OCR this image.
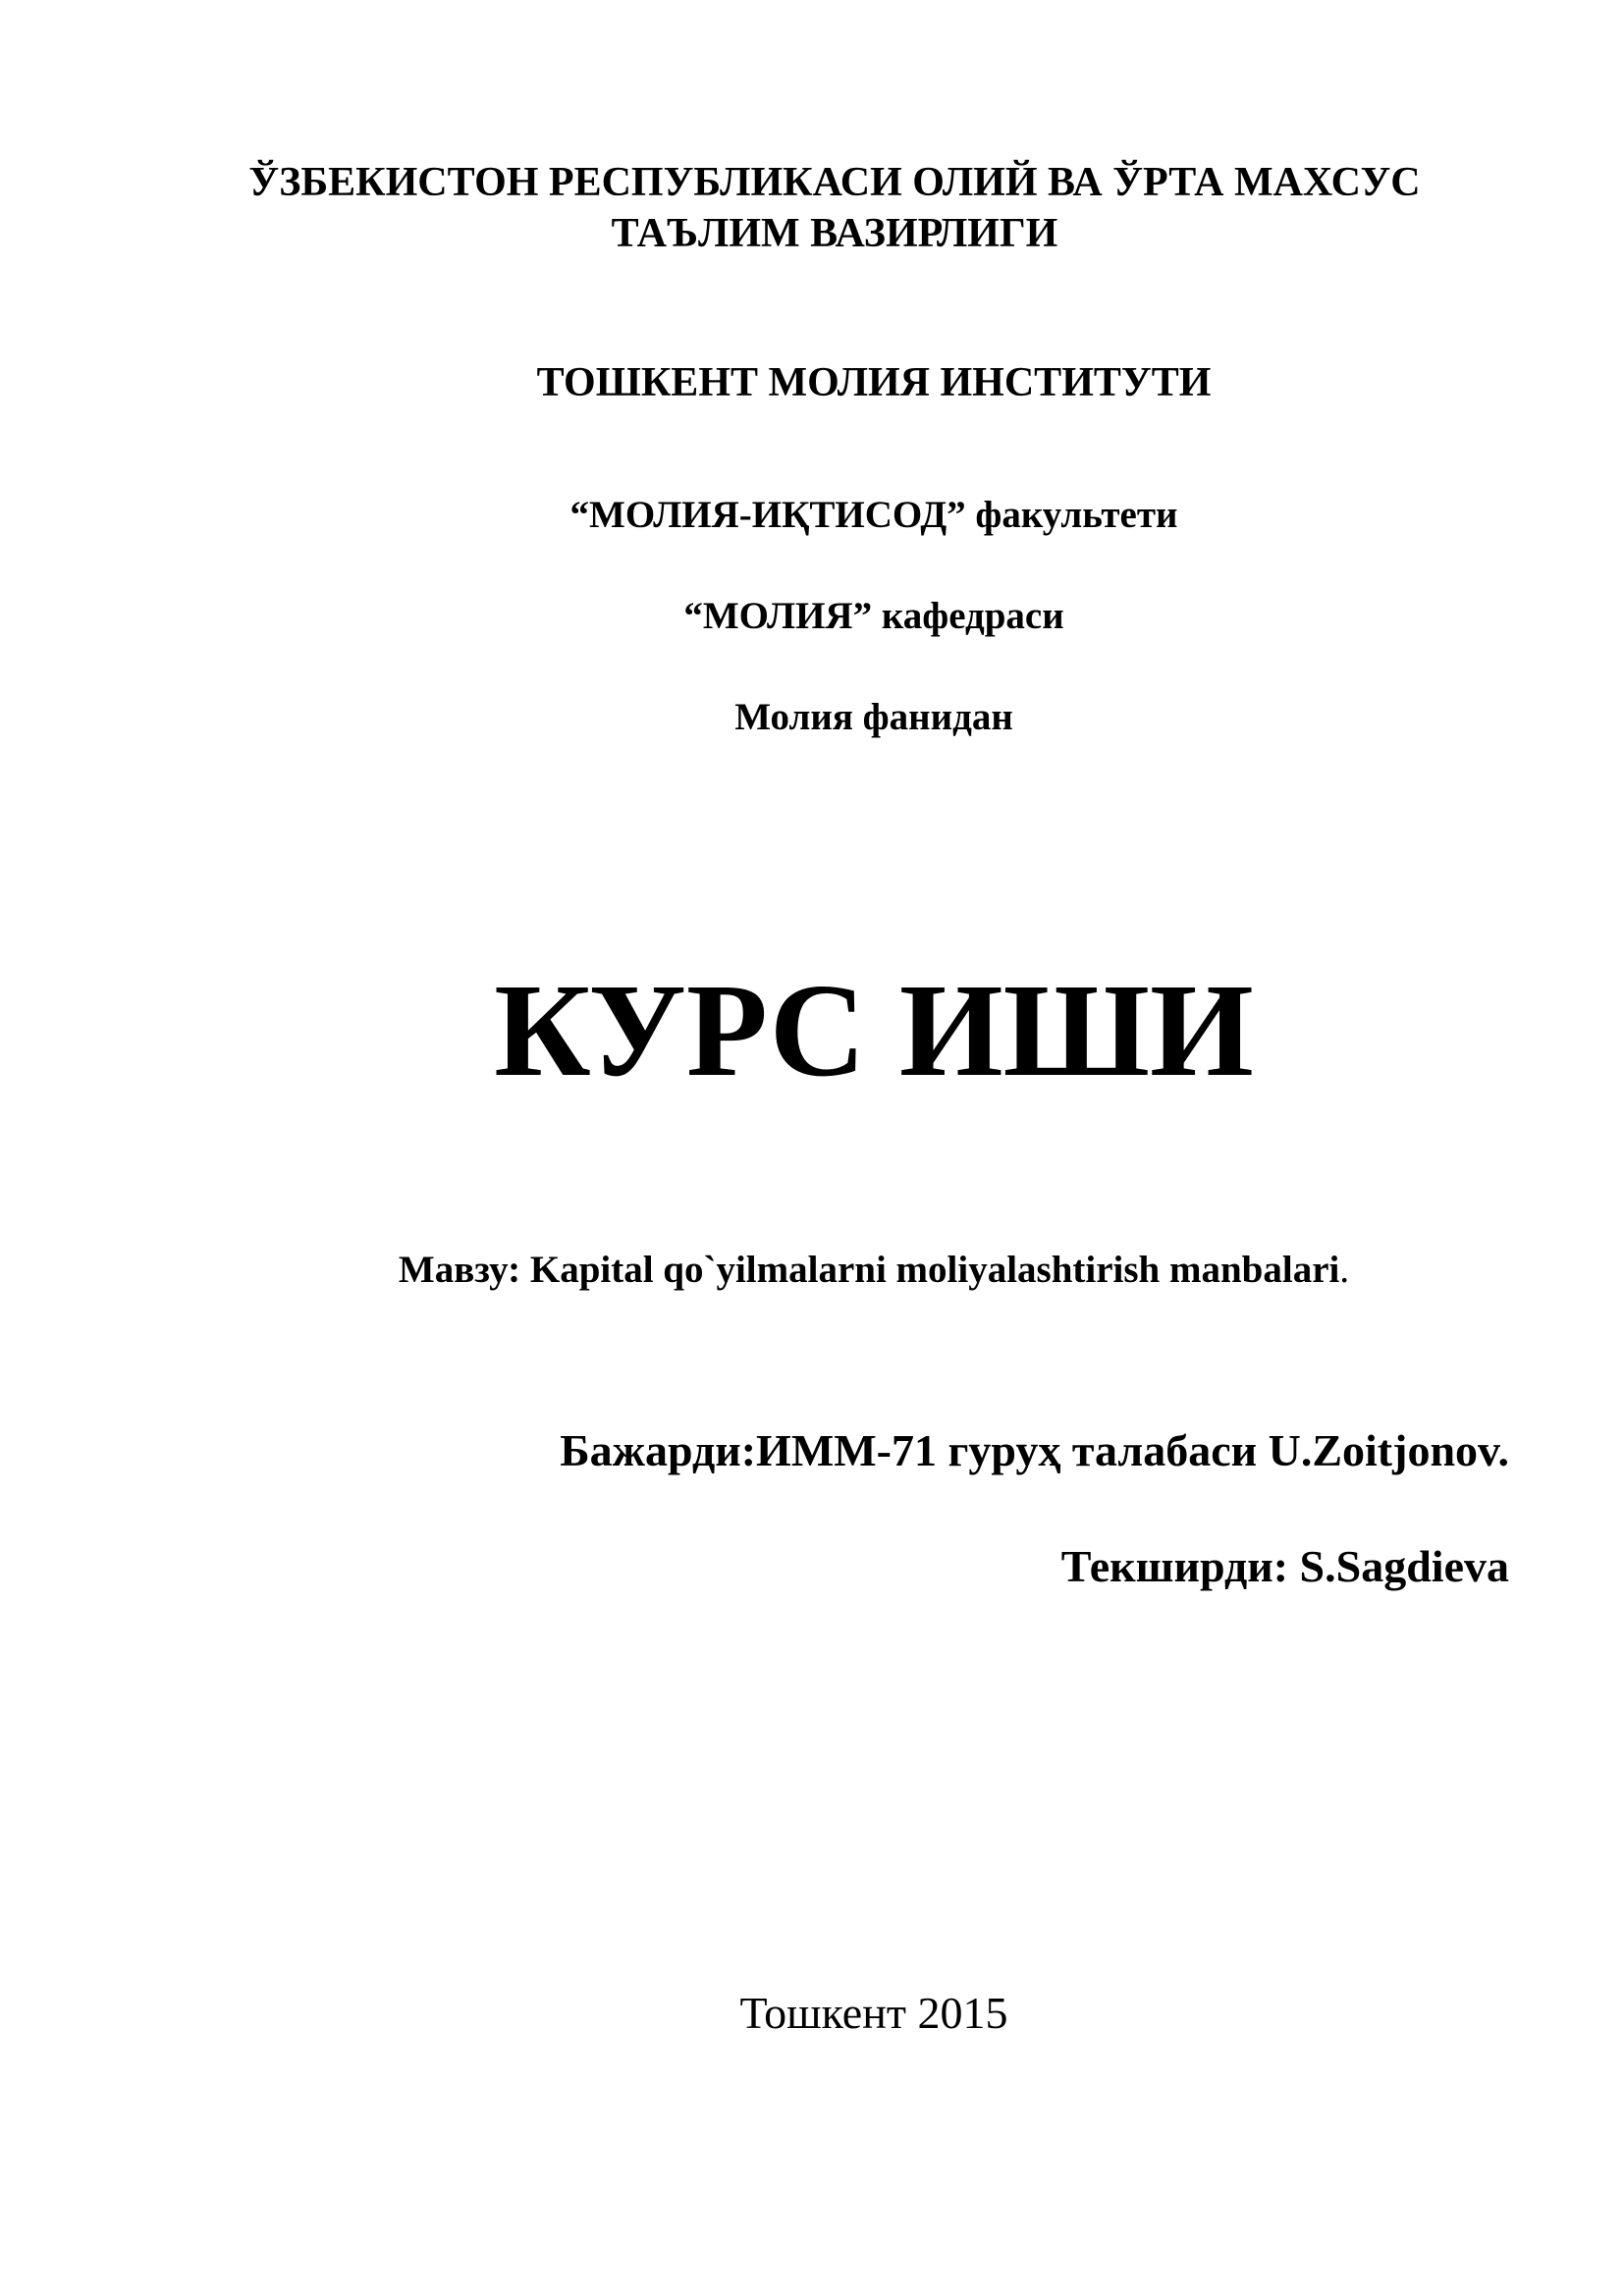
ЎЗБЕКИСТОН РЕСПУБЛИКАСИ ОЛИЙ ВА ЎРТА МАХСУС
ТАЪЛИМ ВАЗИРЛИГИ
ТОШКЕНТ МОЛИЯ ИНСТИТУТИ
“МОЛИЯ-ИҚТИСОД” факультети
“МОЛИЯ” кафедраси
Молия фанидан
КУРС ИШИ
Мавзу: Kapital qo`yilmalarni moliyalashtirish manbalari.
Бажарди:ИММ-71 гуруҳ талабаси U.Zoitjonov.
Текширди: S.Sagdieva
Тошкент 2015
